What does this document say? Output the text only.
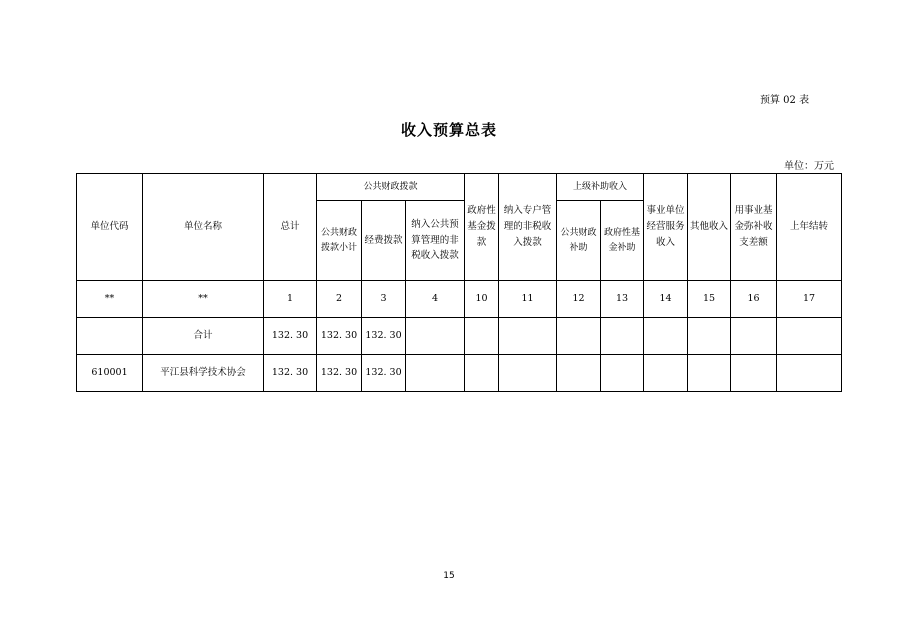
预算 02 表
收入预算总表
单位：万元
单位代码	单位名称	总计	公共财政拨款			政府性基金拨款	纳入专户管理的非税收入拨款	上级补助收入		事业单位经营服务收入	其他收入	用事业基金弥补收支差额	上年结转
			公共财政拨款小计	经费拨款	纳入公共预算管理的非税收入拨款			公共财政补助	政府性基金补助				
**	**	1	2	3	4	10	11	12	13	14	15	16	17
	合计	132. 30	132. 30	132. 30									
610001	平江县科学技术协会	132. 30	132. 30	132. 30									
15
